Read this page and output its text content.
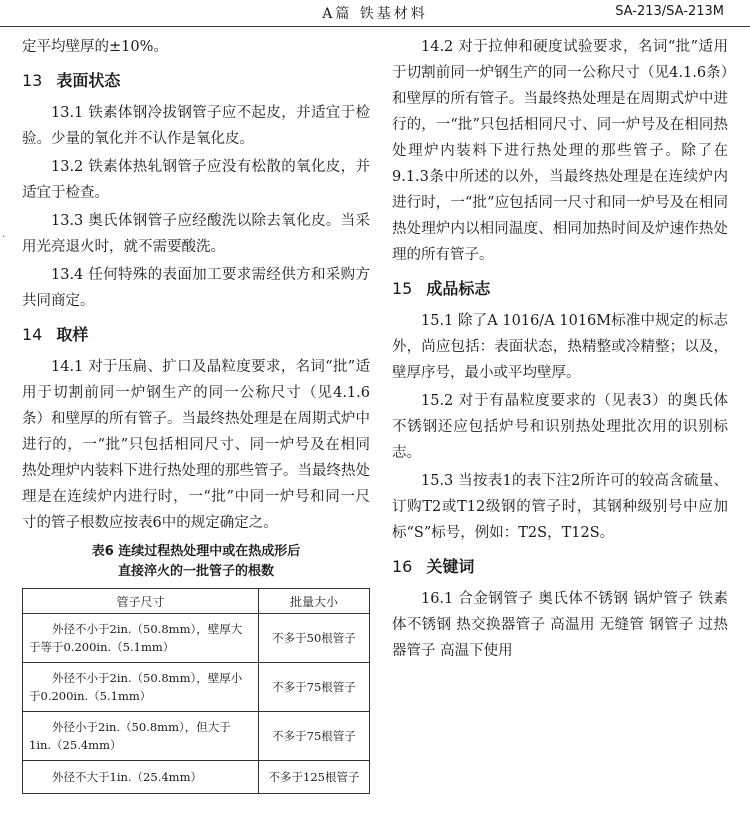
A篇 铁基材料	SA-213/SA-213M
·

定平均壁厚的±10%。

13 表面状态

13.1 铁素体钢冷拔钢管子应不起皮，并适宜于检验。少量的氧化并不认作是氧化皮。

13.2 铁素体热轧钢管子应没有松散的氧化皮，并适宜于检查。

13.3 奥氏体钢管子应经酸洗以除去氧化皮。当采用光亮退火时，就不需要酸洗。

13.4 任何特殊的表面加工要求需经供方和采购方共同商定。

14 取样

14.1 对于压扁、扩口及晶粒度要求，名词“批”适用于切割前同一炉钢生产的同一公称尺寸（见4.1.6条）和壁厚的所有管子。当最终热处理是在周期式炉中进行的，一“批”只包括相同尺寸、同一炉号及在相同热处理炉内装料下进行热处理的那些管子。当最终热处理是在连续炉内进行时，一“批”中同一炉号和同一尺寸的管子根数应按表6中的规定确定之。

表6 连续过程热处理中或在热成形后
直接淬火的一批管子的根数
管子尺寸	批量大小
外径不小于2in.（50.8mm），壁厚大于等于0.200in.（5.1mm）	不多于50根管子
外径不小于2in.（50.8mm），壁厚小于0.200in.（5.1mm）	不多于75根管子
外径小于2in.（50.8mm），但大于1in.（25.4mm）	不多于75根管子
外径不大于1in.（25.4mm）	不多于125根管子

14.2 对于拉伸和硬度试验要求，名词“批”适用于切割前同一炉钢生产的同一公称尺寸（见4.1.6条）和壁厚的所有管子。当最终热处理是在周期式炉中进行的，一“批”只包括相同尺寸、同一炉号及在相同热处理炉内装料下进行热处理的那些管子。除了在9.1.3条中所述的以外，当最终热处理是在连续炉内进行时，一“批”应包括同一尺寸和同一炉号及在相同热处理炉内以相同温度、相同加热时间及炉速作热处理的所有管子。

15 成品标志

15.1 除了A 1016/A 1016M标准中规定的标志外，尚应包括：表面状态，热精整或冷精整；以及，壁厚序号，最小或平均壁厚。

15.2 对于有晶粒度要求的（见表3）的奥氏体不锈钢还应包括炉号和识别热处理批次用的识别标志。

15.3 当按表1的表下注2所许可的较高含硫量、订购T2或T12级钢的管子时，其钢种级别号中应加标“S”标号，例如：T2S，T12S。

16 关键词

16.1 合金钢管子 奥氏体不锈钢 锅炉管子 铁素体不锈钢 热交换器管子 高温用 无缝管 钢管子 过热器管子 高温下使用
